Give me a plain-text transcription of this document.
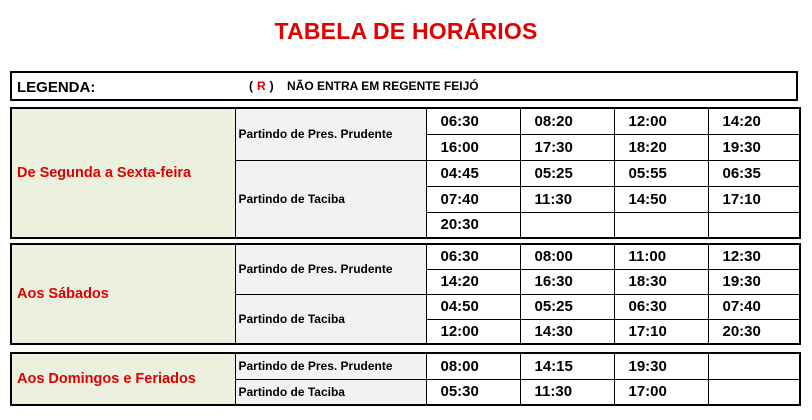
TABELA DE HORÁRIOS
LEGENDA:	( R ) NÃO ENTRA EM REGENTE FEIJÓ
De Segunda a Sexta-feira	Partindo de Pres. Prudente	06:30	08:20	12:00	14:20
		16:00	17:30	18:20	19:30
	Partindo de Taciba	04:45	05:25	05:55	06:35
		07:40	11:30	14:50	17:10
		20:30			
Aos Sábados	Partindo de Pres. Prudente	06:30	08:00	11:00	12:30
		14:20	16:30	18:30	19:30
	Partindo de Taciba	04:50	05:25	06:30	07:40
		12:00	14:30	17:10	20:30
Aos Domingos e Feriados	Partindo de Pres. Prudente	08:00	14:15	19:30	
	Partindo de Taciba	05:30	11:30	17:00	
